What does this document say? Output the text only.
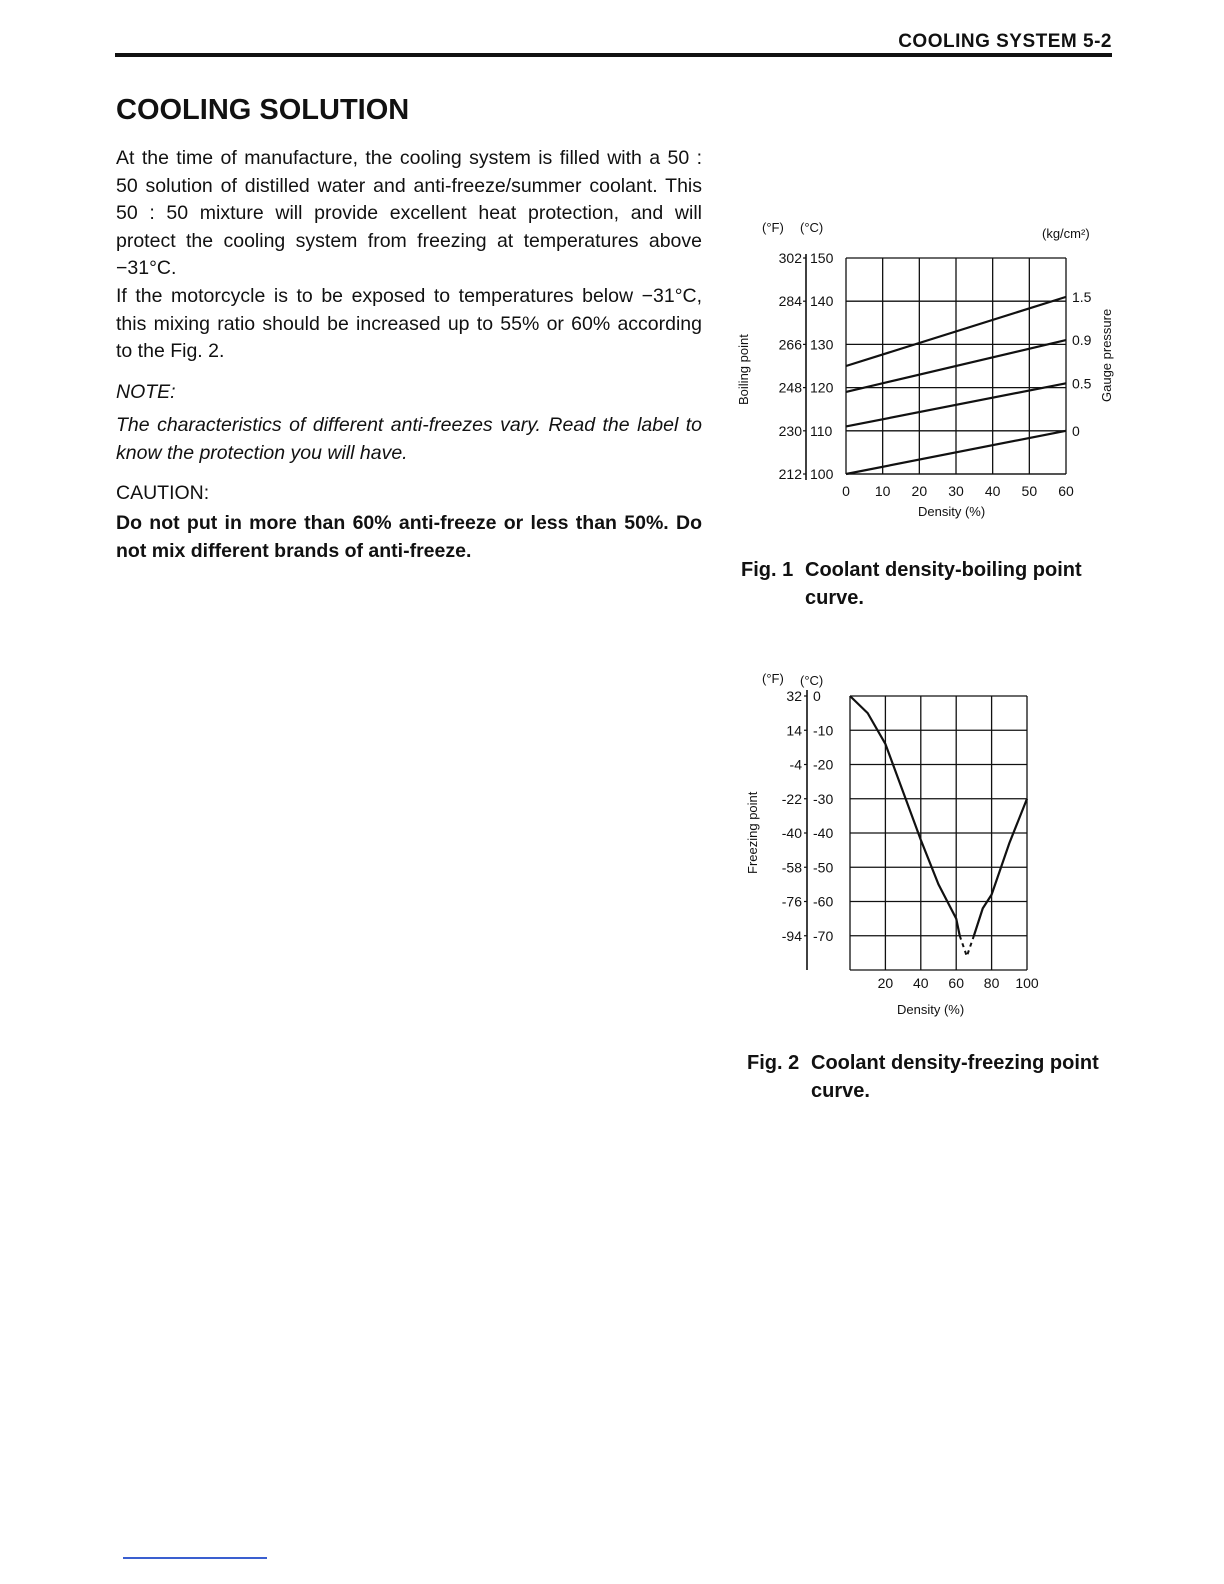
COOLING SYSTEM 5-2
COOLING SOLUTION

At the time of manufacture, the cooling system is filled with a 50 : 50 solution of distilled water and anti-freeze/summer coolant. This 50 : 50 mixture will provide excellent heat protection, and will protect the cooling system from freezing at temperatures above −31°C.

If the motorcycle is to be exposed to temperatures below −31°C, this mixing ratio should be increased up to 55% or 60% according to the Fig. 2.

NOTE:

The characteristics of different anti-freezes vary. Read the label to know the protection you will have.

CAUTION:

Do not put in more than 60% anti-freeze or less than 50%. Do not mix different brands of anti-freeze.

150
302
140
284
130
266
120
248
110
230
100
212
0 10 20 30 40 50 60
1.5
0.9
0.5
0
(°F) (°C)	(kg/cm²)
Boiling point	Gauge pressure
Density (%)
Fig. 1 Coolant density-boiling point
curve.
0
32
-10
14
-20
-4
-30
-22
-40
-40
-50
-58
-60
-76
-70
-94
20 40 60 80 100
(°F) (°C)
Freezing point
Density (%)
Fig. 2 Coolant density-freezing point
curve.
